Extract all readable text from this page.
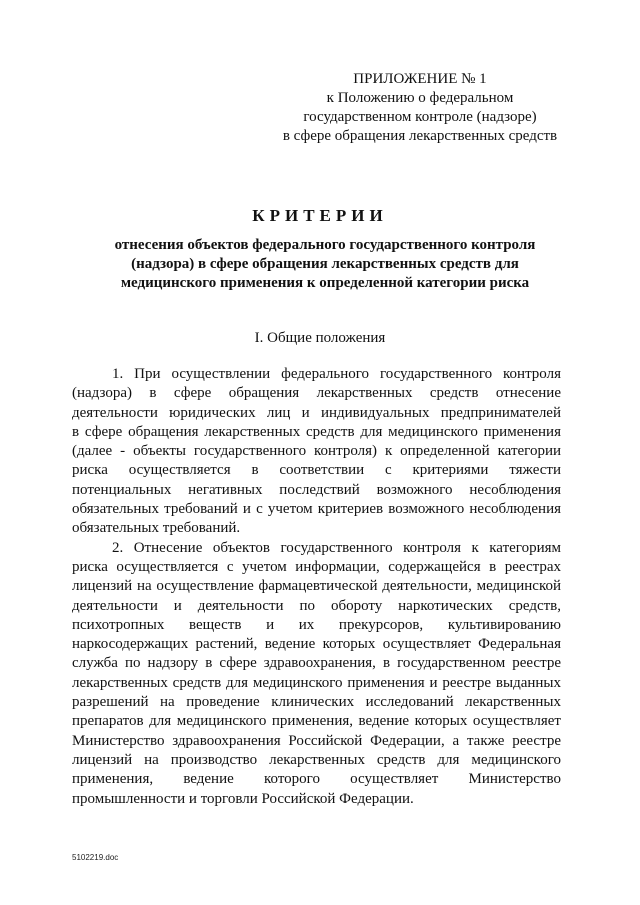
ПРИЛОЖЕНИЕ № 1
к Положению о федеральном
государственном контроле (надзоре)
в сфере обращения лекарственных средств
КРИТЕРИИ
отнесения объектов федерального государственного контроля
(надзора) в сфере обращения лекарственных средств для
медицинского применения к определенной категории риска
I. Общие положения
1. При осуществлении федерального государственного контроля
(надзора) в сфере обращения лекарственных средств отнесение
деятельности юридических лиц и индивидуальных предпринимателей
в сфере обращения лекарственных средств для медицинского применения
(далее - объекты государственного контроля) к определенной категории
риска осуществляется в соответствии с критериями тяжести
потенциальных негативных последствий возможного несоблюдения
обязательных требований и с учетом критериев возможного несоблюдения
обязательных требований.
2. Отнесение объектов государственного контроля к категориям
риска осуществляется с учетом информации, содержащейся в реестрах
лицензий на осуществление фармацевтической деятельности, медицинской
деятельности и деятельности по обороту наркотических средств,
психотропных веществ и их прекурсоров, культивированию
наркосодержащих растений, ведение которых осуществляет Федеральная
служба по надзору в сфере здравоохранения, в государственном реестре
лекарственных средств для медицинского применения и реестре выданных
разрешений на проведение клинических исследований лекарственных
препаратов для медицинского применения, ведение которых осуществляет
Министерство здравоохранения Российской Федерации, а также реестре
лицензий на производство лекарственных средств для медицинского
применения, ведение которого осуществляет Министерство
промышленности и торговли Российской Федерации.
5102219.doc
